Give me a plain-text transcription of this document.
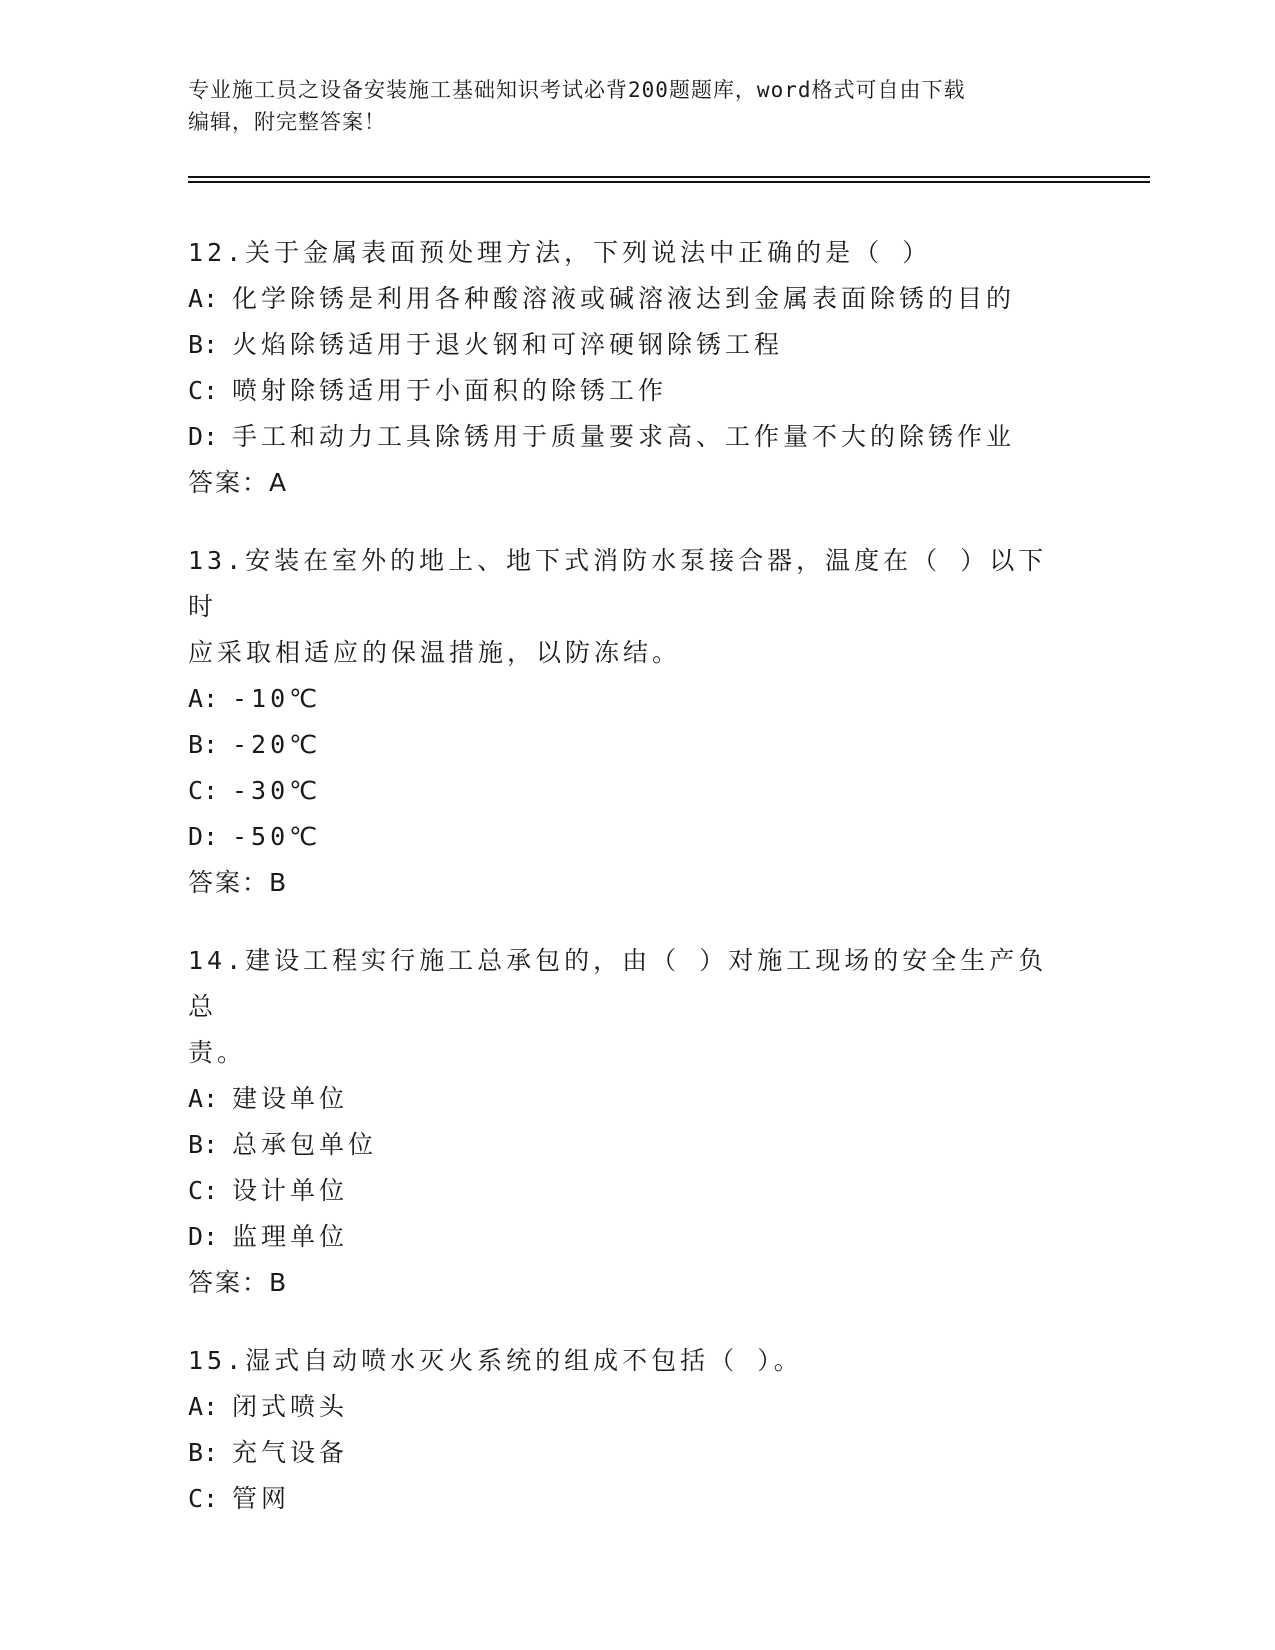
专业施工员之设备安装施工基础知识考试必背200题题库，word格式可自由下载
编辑，附完整答案！
12.关于金属表面预处理方法，下列说法中正确的是（ ）
A: 化学除锈是利用各种酸溶液或碱溶液达到金属表面除锈的目的
B: 火焰除锈适用于退火钢和可淬硬钢除锈工程
C: 喷射除锈适用于小面积的除锈工作
D: 手工和动力工具除锈用于质量要求高、工作量不大的除锈作业
答案：A
13.安装在室外的地上、地下式消防水泵接合器，温度在（ ）以下时
应采取相适应的保温措施，以防冻结。
A: -10℃
B: -20℃
C: -30℃
D: -50℃
答案：B
14.建设工程实行施工总承包的，由（ ）对施工现场的安全生产负总
责。
A: 建设单位
B: 总承包单位
C: 设计单位
D: 监理单位
答案：B
15.湿式自动喷水灭火系统的组成不包括（ ）。
A: 闭式喷头
B: 充气设备
C: 管网
